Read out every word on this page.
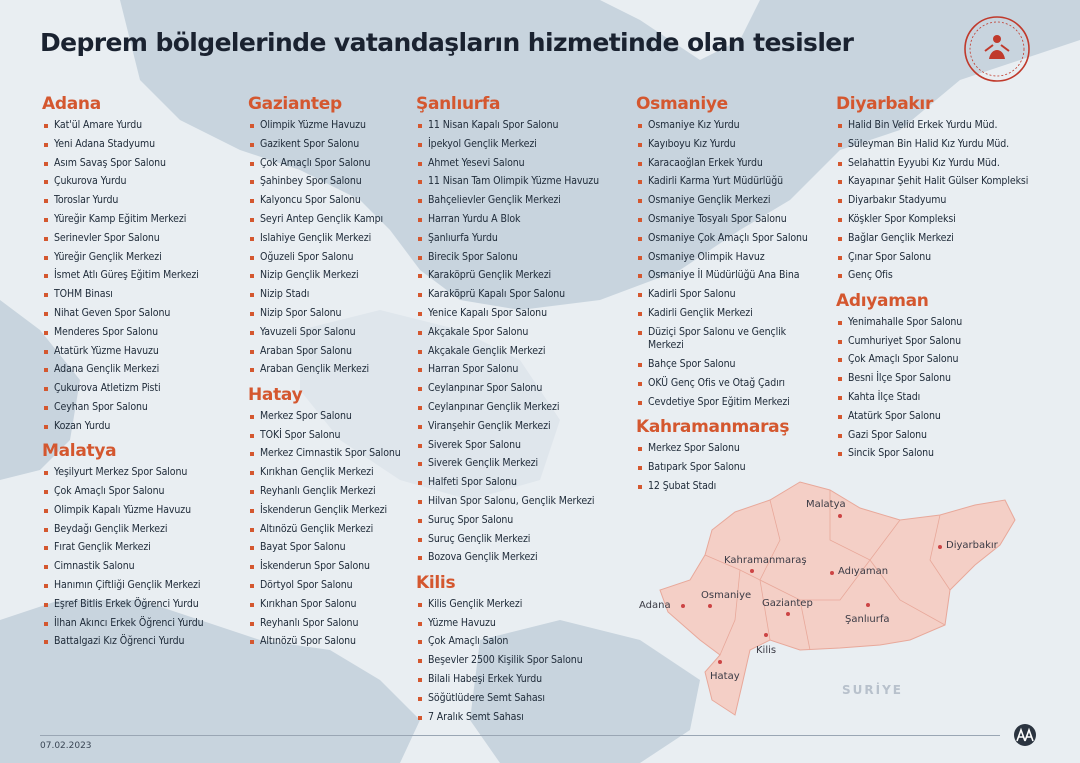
Deprem bölgelerinde vatandaşların hizmetinde olan tesisler
Adana
Kat'ül Amare Yurdu
Yeni Adana Stadyumu
Asım Savaş Spor Salonu
Çukurova Yurdu
Toroslar Yurdu
Yüreğir Kamp Eğitim Merkezi
Serinevler Spor Salonu
Yüreğir Gençlik Merkezi
İsmet Atlı Güreş Eğitim Merkezi
TOHM Binası
Nihat Geven Spor Salonu
Menderes Spor Salonu
Atatürk Yüzme Havuzu
Adana Gençlik Merkezi
Çukurova Atletizm Pisti
Ceyhan Spor Salonu
Kozan Yurdu
Malatya
Yeşilyurt Merkez Spor Salonu
Çok Amaçlı Spor Salonu
Olimpik Kapalı Yüzme Havuzu
Beydağı Gençlik Merkezi
Fırat Gençlik Merkezi
Cimnastik Salonu
Hanımın Çiftliği Gençlik Merkezi
Eşref Bitlis Erkek Öğrenci Yurdu
İlhan Akıncı Erkek Öğrenci Yurdu
Battalgazi Kız Öğrenci Yurdu
Gaziantep
Olimpik Yüzme Havuzu
Gazikent Spor Salonu
Çok Amaçlı Spor Salonu
Şahinbey Spor Salonu
Kalyoncu Spor Salonu
Seyri Antep Gençlik Kampı
Islahiye Gençlik Merkezi
Oğuzeli Spor Salonu
Nizip Gençlik Merkezi
Nizip Stadı
Nizip Spor Salonu
Yavuzeli Spor Salonu
Araban Spor Salonu
Araban Gençlik Merkezi
Hatay
Merkez Spor Salonu
TOKİ Spor Salonu
Merkez Cimnastik Spor Salonu
Kırıkhan Gençlik Merkezi
Reyhanlı Gençlik Merkezi
İskenderun Gençlik Merkezi
Altınözü Gençlik Merkezi
Bayat Spor Salonu
İskenderun Spor Salonu
Dörtyol Spor Salonu
Kırıkhan Spor Salonu
Reyhanlı Spor Salonu
Altınözü Spor Salonu
Şanlıurfa
11 Nisan Kapalı Spor Salonu
İpekyol Gençlik Merkezi
Ahmet Yesevi Salonu
11 Nisan Tam Olimpik Yüzme Havuzu
Bahçelievler Gençlik Merkezi
Harran Yurdu A Blok
Şanlıurfa Yurdu
Birecik Spor Salonu
Karaköprü Gençlik Merkezi
Karaköprü Kapalı Spor Salonu
Yenice Kapalı Spor Salonu
Akçakale Spor Salonu
Akçakale Gençlik Merkezi
Harran Spor Salonu
Ceylanpınar Spor Salonu
Ceylanpınar Gençlik Merkezi
Viranşehir Gençlik Merkezi
Siverek Spor Salonu
Siverek Gençlik Merkezi
Halfeti Spor Salonu
Hilvan Spor Salonu, Gençlik Merkezi
Suruç Spor Salonu
Suruç Gençlik Merkezi
Bozova Gençlik Merkezi
Kilis
Kilis Gençlik Merkezi
Yüzme Havuzu
Çok Amaçlı Salon
Beşevler 2500 Kişilik Spor Salonu
Bilali Habeşi Erkek Yurdu
Söğütlüdere Semt Sahası
7 Aralık Semt Sahası
Osmaniye
Osmaniye Kız Yurdu
Kayıboyu Kız Yurdu
Karacaoğlan Erkek Yurdu
Kadirli Karma Yurt Müdürlüğü
Osmaniye Gençlik Merkezi
Osmaniye Tosyalı Spor Salonu
Osmaniye Çok Amaçlı Spor Salonu
Osmaniye Olimpik Havuz
Osmaniye İl Müdürlüğü Ana Bina
Kadirli Spor Salonu
Kadirli Gençlik Merkezi
Düziçi Spor Salonu ve Gençlik Merkezi
Bahçe Spor Salonu
OKÜ Genç Ofis ve Otağ Çadırı
Cevdetiye Spor Eğitim Merkezi
Kahramanmaraş
Merkez Spor Salonu
Batıpark Spor Salonu
12 Şubat Stadı
Diyarbakır
Halid Bin Velid Erkek Yurdu Müd.
Süleyman Bin Halid Kız Yurdu Müd.
Selahattin Eyyubi Kız Yurdu Müd.
Kayapınar Şehit Halit Gülser Kompleksi
Diyarbakır Stadyumu
Köşkler Spor Kompleksi
Bağlar Gençlik Merkezi
Çınar Spor Salonu
Genç Ofis
Adıyaman
Yenimahalle Spor Salonu
Cumhuriyet Spor Salonu
Çok Amaçlı Spor Salonu
Besni İlçe Spor Salonu
Kahta İlçe Stadı
Atatürk Spor Salonu
Gazi Spor Salonu
Sincik Spor Salonu
Malatya
Diyarbakır
Kahramanmaraş
Adıyaman
Adana
Osmaniye
Gaziantep
Şanlıurfa
Kilis
Hatay
SURİYE
07.02.2023
